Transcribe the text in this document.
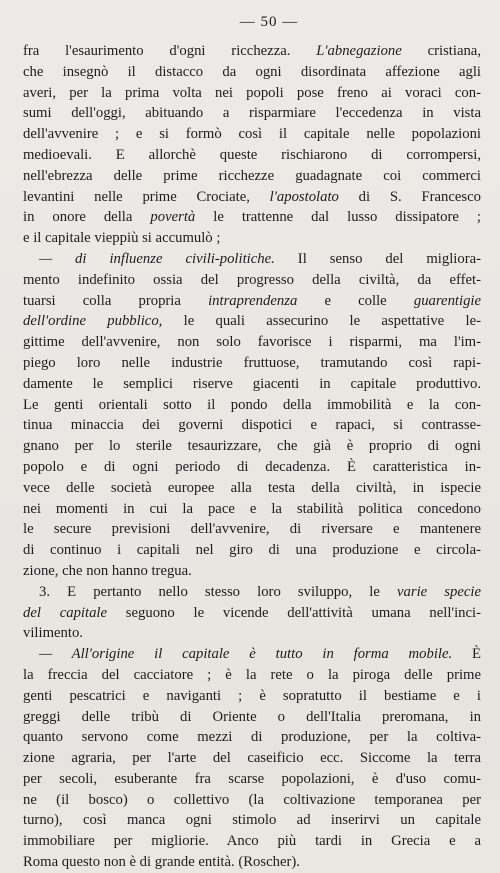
— 50 —
fra l'esaurimento d'ogni ricchezza. L'abnegazione cristiana,
che insegnò il distacco da ogni disordinata affezione agli
averi, per la prima volta nei popoli pose freno ai voraci con-
sumi dell'oggi, abituando a risparmiare l'eccedenza in vista
dell'avvenire ; e si formò così il capitale nelle popolazioni
medioevali. E allorchè queste rischiarono di corrompersi,
nell'ebrezza delle prime ricchezze guadagnate coi commerci
levantini nelle prime Crociate, l'apostolato di S. Francesco
in onore della povertà le trattenne dal lusso dissipatore ;
e il capitale vieppiù si accumulò ;
— di influenze civili-politiche. Il senso del migliora-
mento indefinito ossia del progresso della civiltà, da effet-
tuarsi colla propria intraprendenza e colle guarentigie
dell'ordine pubblico, le quali assecurino le aspettative le-
gittime dell'avvenire, non solo favorisce i risparmi, ma l'im-
piego loro nelle industrie fruttuose, tramutando così rapi-
damente le semplici riserve giacenti in capitale produttivo.
Le genti orientali sotto il pondo della immobilità e la con-
tinua minaccia dei governi dispotici e rapaci, si contrasse-
gnano per lo sterile tesaurizzare, che già è proprio di ogni
popolo e di ogni periodo di decadenza. È caratteristica in-
vece delle società europee alla testa della civiltà, in ispecie
nei momenti in cui la pace e la stabilità politica concedono
le secure previsioni dell'avvenire, di riversare e mantenere
di continuo i capitali nel giro di una produzione e circola-
zione, che non hanno tregua.
3. E pertanto nello stesso loro sviluppo, le varie specie
del capitale seguono le vicende dell'attività umana nell'inci-
vilimento.
— All'origine il capitale è tutto in forma mobile. È
la freccia del cacciatore ; è la rete o la piroga delle prime
genti pescatrici e naviganti ; è sopratutto il bestiame e i
greggi delle tribù di Oriente o dell'Italia preromana, in
quanto servono come mezzi di produzione, per la coltiva-
zione agraria, per l'arte del caseificio ecc. Siccome la terra
per secoli, esuberante fra scarse popolazioni, è d'uso comu-
ne (il bosco) o collettivo (la coltivazione temporanea per
turno), così manca ogni stimolo ad inserirvi un capitale
immobiliare per migliorie. Anco più tardi in Grecia e a
Roma questo non è di grande entità. (Roscher).
